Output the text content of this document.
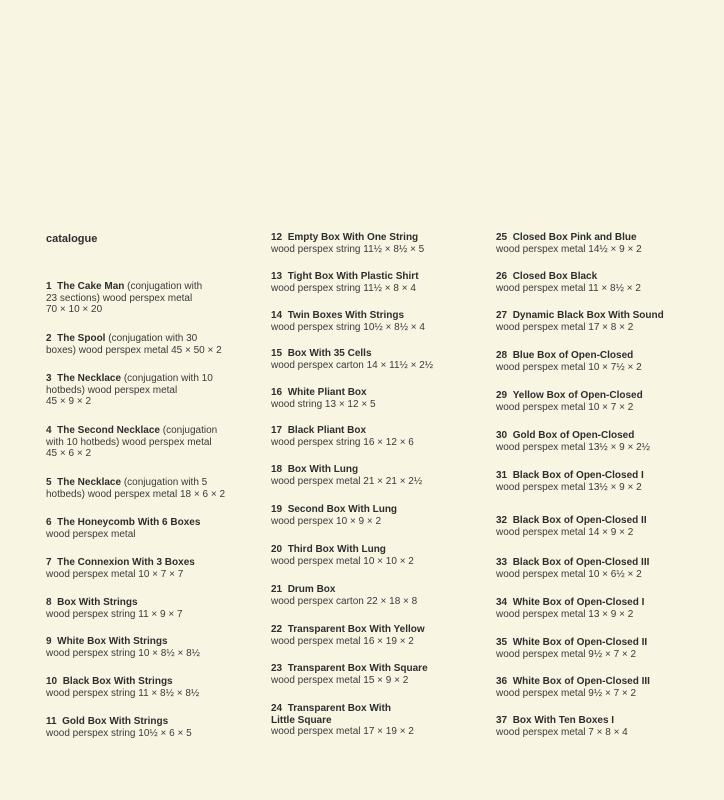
catalogue
1 The Cake Man (conjugation with
23 sections) wood perspex metal
70 × 10 × 20
2 The Spool (conjugation with 30
boxes) wood perspex metal 45 × 50 × 2
3 The Necklace (conjugation with 10
hotbeds) wood perspex metal
45 × 9 × 2
4 The Second Necklace (conjugation
with 10 hotbeds) wood perspex metal
45 × 6 × 2
5 The Necklace (conjugation with 5
hotbeds) wood perspex metal 18 × 6 × 2
6 The Honeycomb With 6 Boxes
wood perspex metal
7 The Connexion With 3 Boxes
wood perspex metal 10 × 7 × 7
8 Box With Strings
wood perspex string 11 × 9 × 7
9 White Box With Strings
wood perspex string 10 × 8½ × 8½
10 Black Box With Strings
wood perspex string 11 × 8½ × 8½
11 Gold Box With Strings
wood perspex string 10½ × 6 × 5
12 Empty Box With One String
wood perspex string 11½ × 8½ × 5
13 Tight Box With Plastic Shirt
wood perspex string 11½ × 8 × 4
14 Twin Boxes With Strings
wood perspex string 10½ × 8½ × 4
15 Box With 35 Cells
wood perspex carton 14 × 11½ × 2½
16 White Pliant Box
wood string 13 × 12 × 5
17 Black Pliant Box
wood perspex string 16 × 12 × 6
18 Box With Lung
wood perspex metal 21 × 21 × 2½
19 Second Box With Lung
wood perspex 10 × 9 × 2
20 Third Box With Lung
wood perspex metal 10 × 10 × 2
21 Drum Box
wood perspex carton 22 × 18 × 8
22 Transparent Box With Yellow
wood perspex metal 16 × 19 × 2
23 Transparent Box With Square
wood perspex metal 15 × 9 × 2
24 Transparent Box With
Little Square
wood perspex metal 17 × 19 × 2
25 Closed Box Pink and Blue
wood perspex metal 14½ × 9 × 2
26 Closed Box Black
wood perspex metal 11 × 8½ × 2
27 Dynamic Black Box With Sound
wood perspex metal 17 × 8 × 2
28 Blue Box of Open-Closed
wood perspex metal 10 × 7½ × 2
29 Yellow Box of Open-Closed
wood perspex metal 10 × 7 × 2
30 Gold Box of Open-Closed
wood perspex metal 13½ × 9 × 2½
31 Black Box of Open-Closed I
wood perspex metal 13½ × 9 × 2
32 Black Box of Open-Closed II
wood perspex metal 14 × 9 × 2
33 Black Box of Open-Closed III
wood perspex metal 10 × 6½ × 2
34 White Box of Open-Closed I
wood perspex metal 13 × 9 × 2
35 White Box of Open-Closed II
wood perspex metal 9½ × 7 × 2
36 White Box of Open-Closed III
wood perspex metal 9½ × 7 × 2
37 Box With Ten Boxes I
wood perspex metal 7 × 8 × 4
